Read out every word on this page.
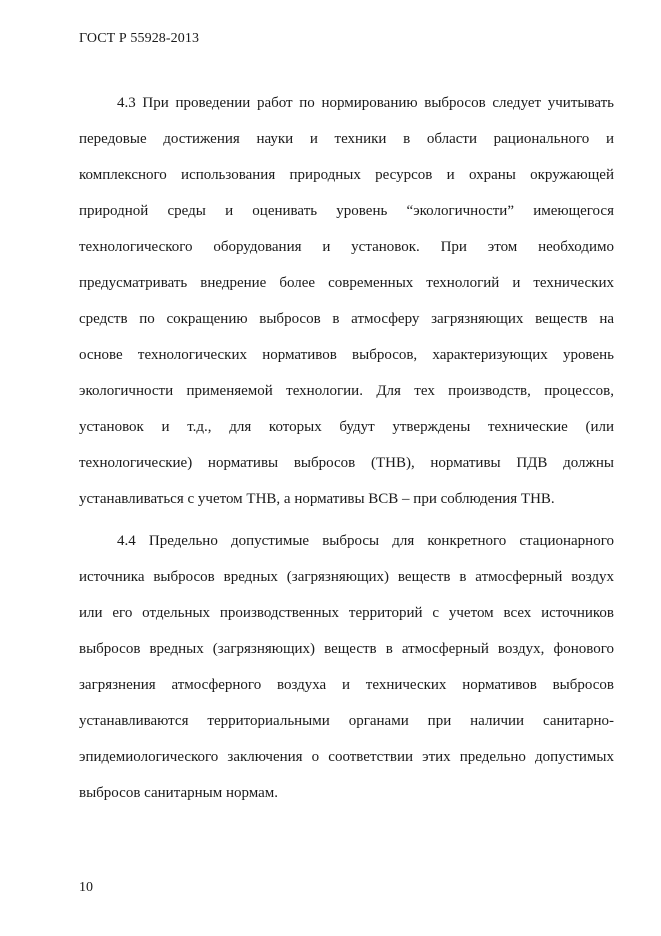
ГОСТ Р 55928-2013
4.3 При проведении работ по нормированию выбросов следует учитывать
передовые достижения науки и техники в области рационального и
комплексного использования природных ресурсов и охраны окружающей
природной среды и оценивать уровень “экологичности” имеющегося
технологического оборудования и установок. При этом необходимо
предусматривать внедрение более современных технологий и технических
средств по сокращению выбросов в атмосферу загрязняющих веществ на
основе технологических нормативов выбросов, характеризующих уровень
экологичности применяемой технологии. Для тех производств, процессов,
установок и т.д., для которых будут утверждены технические (или
технологические) нормативы выбросов (ТНВ), нормативы ПДВ должны
устанавливаться с учетом ТНВ, а нормативы ВСВ – при соблюдения ТНВ.
4.4 Предельно допустимые выбросы для конкретного стационарного
источника выбросов вредных (загрязняющих) веществ в атмосферный воздух
или его отдельных производственных территорий с учетом всех источников
выбросов вредных (загрязняющих) веществ в атмосферный воздух, фонового
загрязнения атмосферного воздуха и технических нормативов выбросов
устанавливаются территориальными органами при наличии санитарно-
эпидемиологического заключения о соответствии этих предельно допустимых
выбросов санитарным нормам.
10
